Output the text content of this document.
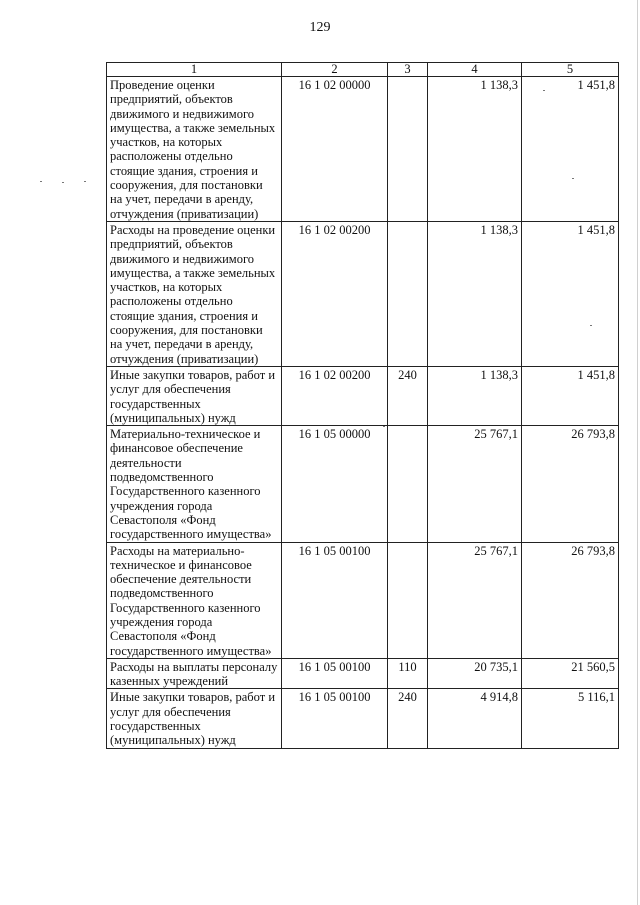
129
1	2	3	4	5
Проведение оценки предприятий, объектов движимого и недвижимого имущества, а также земельных участков, на которых расположены отдельно стоящие здания, строения и сооружения, для постановки на учет, передачи в аренду, отчуждения (приватизации)	16 1 02 00000		1 138,3	1 451,8
Расходы на проведение оценки предприятий, объектов движимого и недвижимого имущества, а также земельных участков, на которых расположены отдельно стоящие здания, строения и сооружения, для постановки на учет, передачи в аренду, отчуждения (приватизации)	16 1 02 00200		1 138,3	1 451,8
Иные закупки товаров, работ и услуг для обеспечения государственных (муниципальных) нужд	16 1 02 00200	240	1 138,3	1 451,8
Материально-техническое и финансовое обеспечение деятельности подведомственного Государственного казенного учреждения города Севастополя «Фонд государственного имущества»	16 1 05 00000		25 767,1	26 793,8
Расходы на материально-техническое и финансовое обеспечение деятельности подведомственного Государственного казенного учреждения города Севастополя «Фонд государственного имущества»	16 1 05 00100		25 767,1	26 793,8
Расходы на выплаты персоналу казенных учреждений	16 1 05 00100	110	20 735,1	21 560,5
Иные закупки товаров, работ и услуг для обеспечения государственных (муниципальных) нужд	16 1 05 00100	240	4 914,8	5 116,1
